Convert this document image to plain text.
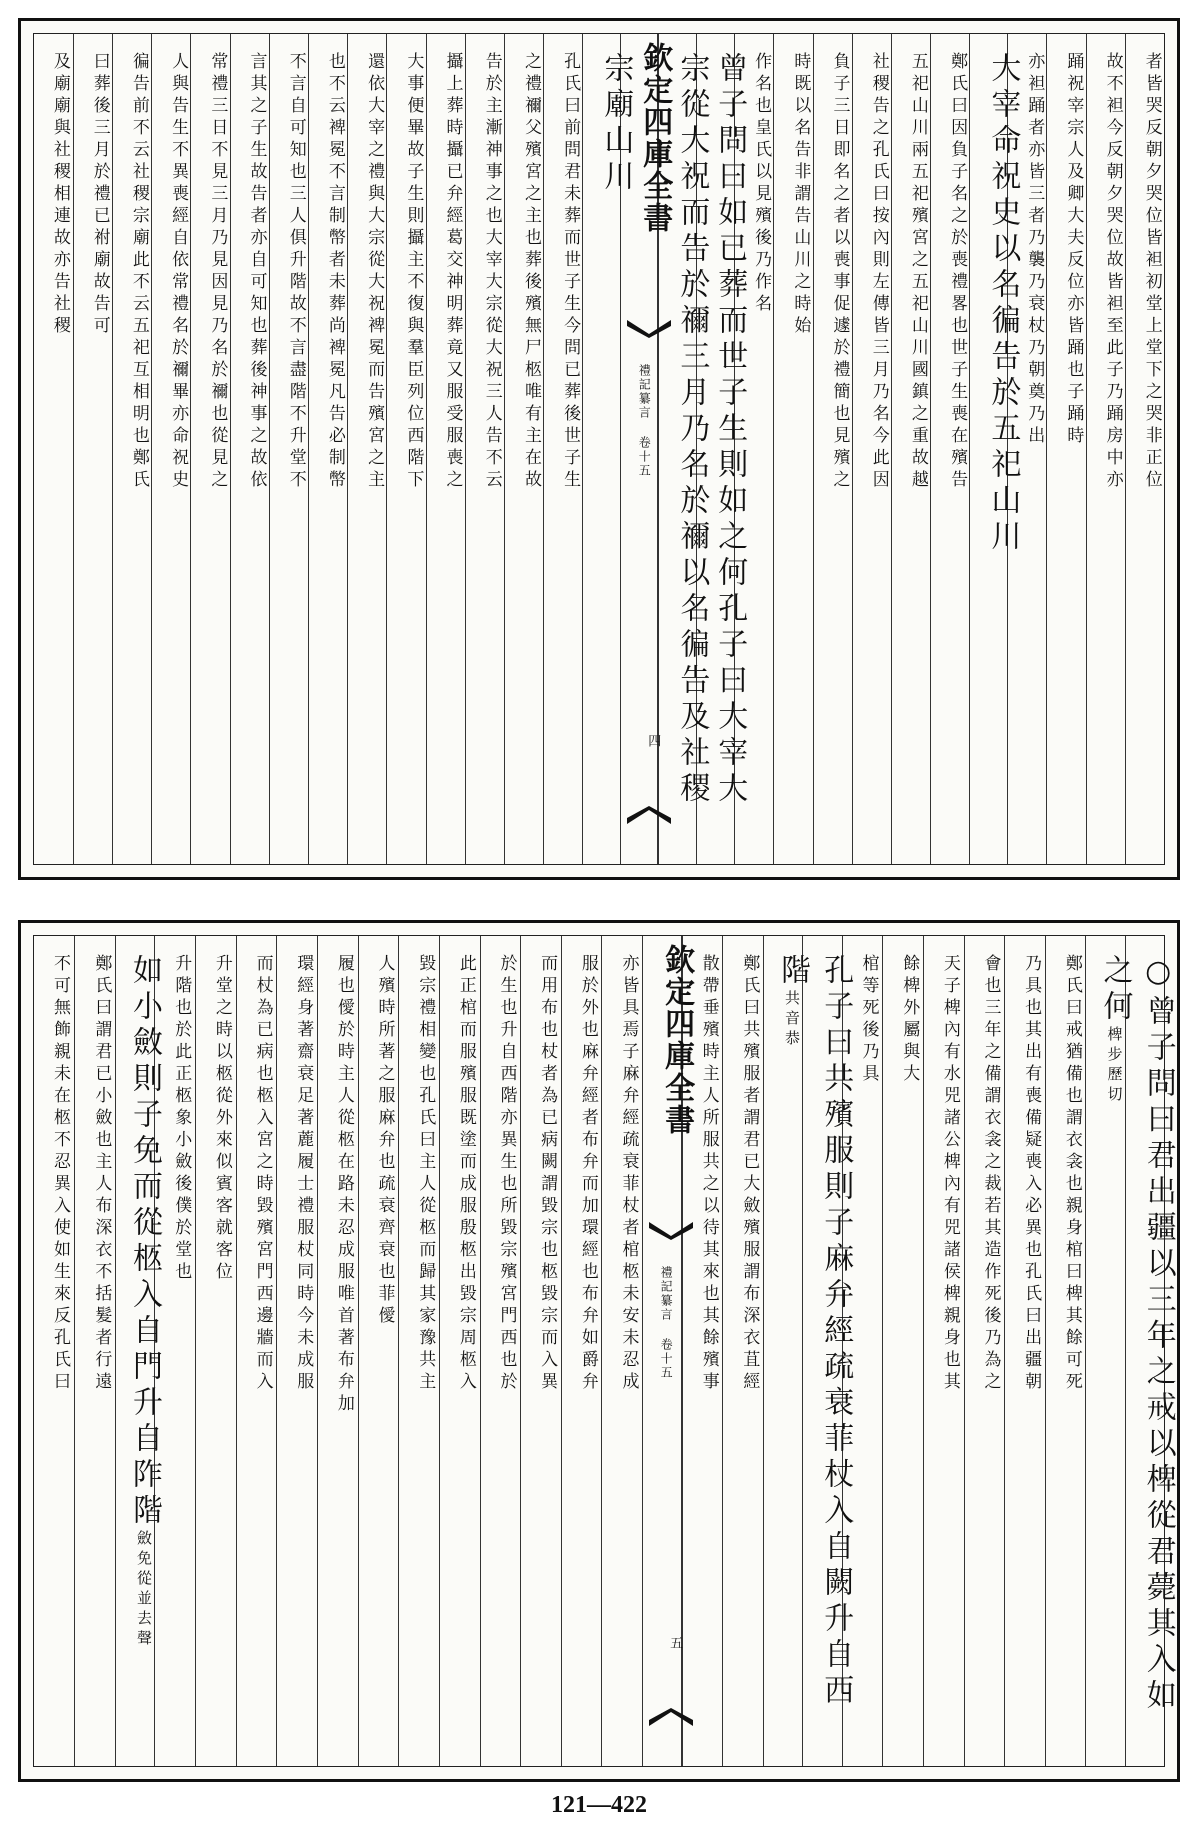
者皆哭反朝夕哭位皆袒初堂上堂下之哭非正位
故不袒今反朝夕哭位故皆袒至此子乃踊房中亦
踊祝宰宗人及卿大夫反位亦皆踊也子踊時
亦袒踊者亦皆三者乃襲乃衰杖乃朝奠乃出
大宰命祝史以名徧告於五祀山川
鄭氏曰因負子名之於喪禮畧也世子生喪在殯告
五祀山川兩五祀殯宮之五祀山川國鎮之重故越
社稷告之孔氏曰按內則左傳皆三月乃名今此因
負子三日即名之者以喪事促遽於禮簡也見殯之
時既以名告非謂告山川之時始
作名也皇氏以見殯後乃作名
曾子問曰如已葬而世子生則如之何孔子曰大宰大
宗從大祝而告於禰三月乃名於禰以名徧告及社稷
欽定四庫全書
禮記纂言 卷十五
四
宗廟山川
孔氏曰前問君未葬而世子生今問已葬後世子生
之禮禰父殯宮之主也葬後殯無尸柩唯有主在故
告於主漸神事之也大宰大宗從大祝三人告不云
攝上葬時攝已弁經葛交神明葬竟又服受服喪之
大事便畢故子生則攝主不復與羣臣列位西階下
還依大宰之禮與大宗從大祝裨冕而告殯宮之主
也不云裨冕不言制幣者未葬尚裨冕凡告必制幣
不言自可知也三人俱升階故不言盡階不升堂不
言其之子生故告者亦自可知也葬後神事之故依
常禮三日不見三月乃見因見乃名於禰也從見之
人與告生不異喪經自依常禮名於禰畢亦命祝史
徧告前不云社稷宗廟此不云五祀互相明也鄭氏
曰葬後三月於禮已祔廟故告可
及廟廟與社稷相連故亦告社稷
○曾子問曰君出疆以三年之戒以椑從君薨其入如
之何椑步歷切
鄭氏曰戒猶備也謂衣衾也親身棺曰椑其餘可死
乃具也其出有喪備疑喪入必異也孔氏曰出疆朝
會也三年之備謂衣衾之裁若其造作死後乃為之
天子椑內有水兕諸公椑內有兕諸侯椑親身也其
餘椑外屬與大
棺等死後乃具
孔子曰共殯服則子麻弁經疏衰菲杖入自闕升自西
階共音恭
鄭氏曰共殯服者謂君已大斂殯服謂布深衣苴經
散帶垂殯時主人所服共之以待其來也其餘殯事
欽定四庫全書
禮記纂言 卷十五
五
亦皆具焉子麻弁經疏衰菲杖者棺柩未安未忍成
服於外也麻弁經者布弁而加環經也布弁如爵弁
而用布也杖者為已病闕謂毀宗也柩毀宗而入異
於生也升自西階亦異生也所毀宗殯宮門西也於
此正棺而服殯服既塗而成服殷柩出毀宗周柩入
毀宗禮相變也孔氏曰主人從柩而歸其家豫共主
人殯時所著之服麻弁也疏衰齊衰也菲僾
履也僾於時主人從柩在路未忍成服唯首著布弁加
環經身著齋衰足著蔍履士禮服杖同時今未成服
而杖為已病也柩入宮之時毀殯宮門西邊牆而入
升堂之時以柩從外來似賓客就客位
升階也於此正柩象小斂後僕於堂也
如小斂則子免而從柩入自門升自阼階斂免從並去聲
鄭氏曰謂君已小斂也主人布深衣不括髮者行遠
不可無飾親未在柩不忍異入使如生來反孔氏曰
121—422
